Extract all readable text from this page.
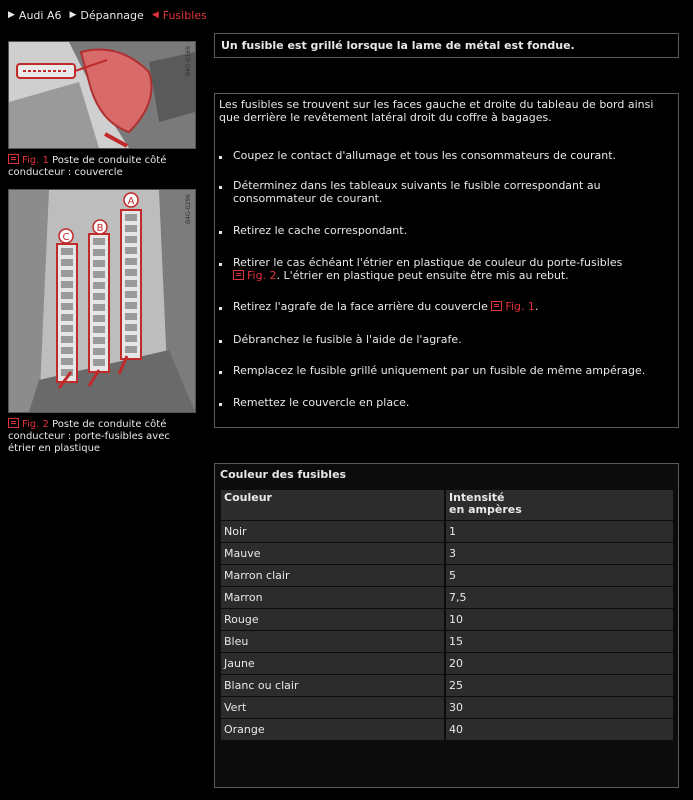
▶ Audi A6 ▶ Dépannage ◀ Fusibles
B4G-0169
Fig. 1 Poste de conduite côté conducteur : couvercle
A
B
C
B4G-0296
Fig. 2 Poste de conduite côté conducteur : porte-fusibles avec étrier en plastique
Un fusible est grillé lorsque la lame de métal est fondue.
Les fusibles se trouvent sur les faces gauche et droite du tableau de bord ainsi que derrière le revêtement latéral droit du coffre à bagages.
Coupez le contact d'allumage et tous les consommateurs de courant.
Déterminez dans les tableaux suivants le fusible correspondant au consommateur de courant.
Retirez le cache correspondant.
Retirer le cas échéant l'étrier en plastique de couleur du porte-fusibles
Fig. 2. L'étrier en plastique peut ensuite être mis au rebut.
Retirez l'agrafe de la face arrière du couvercle Fig. 1.
Débranchez le fusible à l'aide de l'agrafe.
Remplacez le fusible grillé uniquement par un fusible de même ampérage.
Remettez le couvercle en place.
Couleur des fusibles
Couleur	Intensité
en ampères
Noir	1
Mauve	3
Marron clair	5
Marron	7,5
Rouge	10
Bleu	15
Jaune	20
Blanc ou clair	25
Vert	30
Orange	40
